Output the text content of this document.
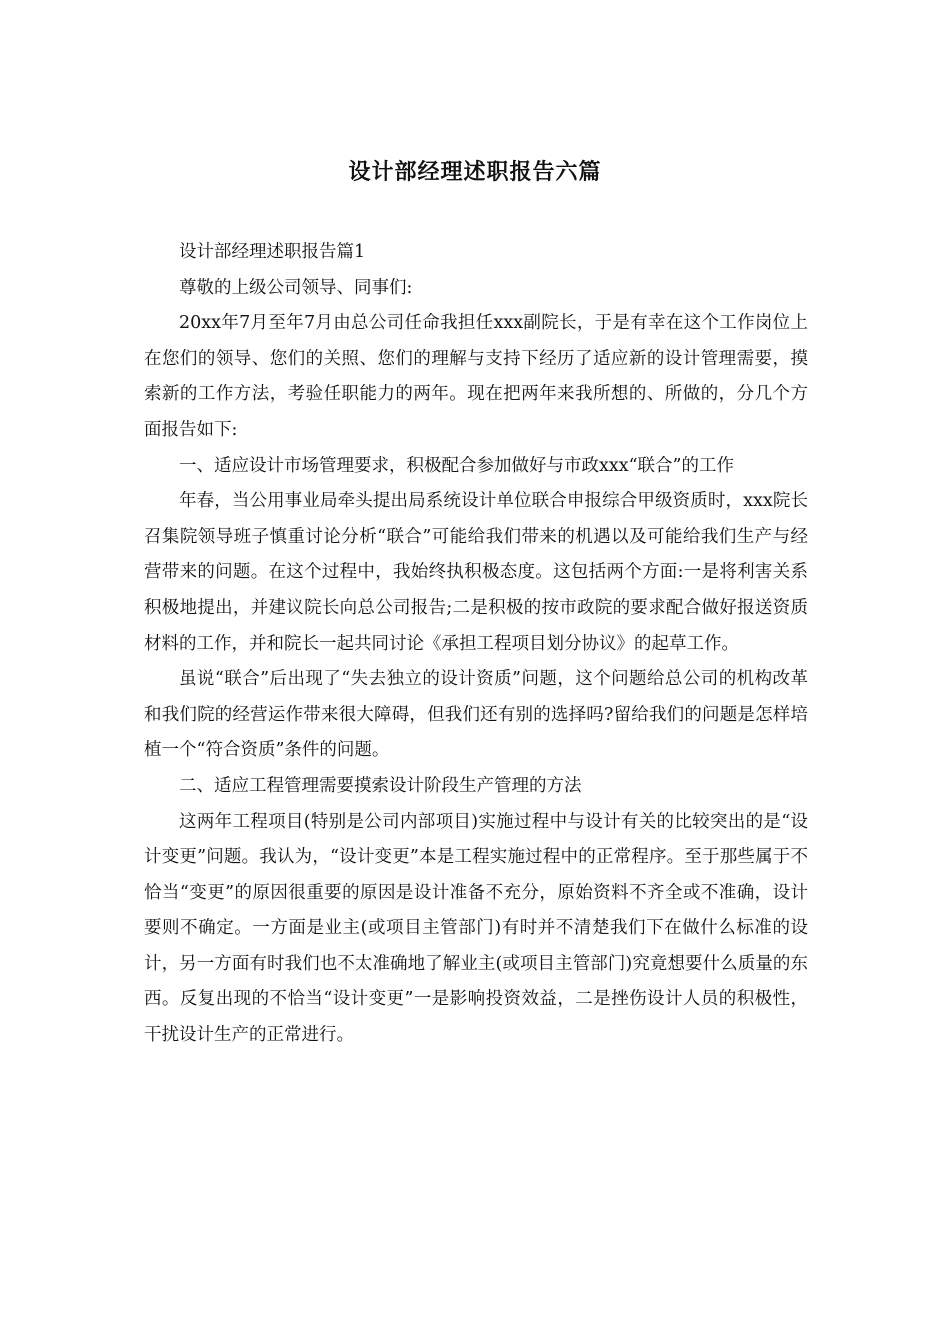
设计部经理述职报告六篇

设计部经理述职报告篇1

尊敬的上级公司领导、同事们:

20xx年7月至年7月由总公司任命我担任xxx副院长，于是有幸在这个工作岗位上在您们的领导、您们的关照、您们的理解与支持下经历了适应新的设计管理需要，摸索新的工作方法，考验任职能力的两年。现在把两年来我所想的、所做的，分几个方面报告如下:

一、适应设计市场管理要求，积极配合参加做好与市政xxx“联合”的工作

年春，当公用事业局牵头提出局系统设计单位联合申报综合甲级资质时，xxx院长召集院领导班子慎重讨论分析“联合”可能给我们带来的机遇以及可能给我们生产与经营带来的问题。在这个过程中，我始终执积极态度。这包括两个方面:一是将利害关系积极地提出，并建议院长向总公司报告;二是积极的按市政院的要求配合做好报送资质材料的工作，并和院长一起共同讨论《承担工程项目划分协议》的起草工作。

虽说“联合”后出现了“失去独立的设计资质”问题，这个问题给总公司的机构改革和我们院的经营运作带来很大障碍，但我们还有别的选择吗?留给我们的问题是怎样培植一个“符合资质”条件的问题。

二、适应工程管理需要摸索设计阶段生产管理的方法

这两年工程项目(特别是公司内部项目)实施过程中与设计有关的比较突出的是“设计变更”问题。我认为，“设计变更”本是工程实施过程中的正常程序。至于那些属于不恰当“变更”的原因很重要的原因是设计准备不充分，原始资料不齐全或不准确，设计要则不确定。一方面是业主(或项目主管部门)有时并不清楚我们下在做什么标准的设计，另一方面有时我们也不太准确地了解业主(或项目主管部门)究竟想要什么质量的东西。反复出现的不恰当“设计变更”一是影响投资效益，二是挫伤设计人员的积极性，干扰设计生产的正常进行。
